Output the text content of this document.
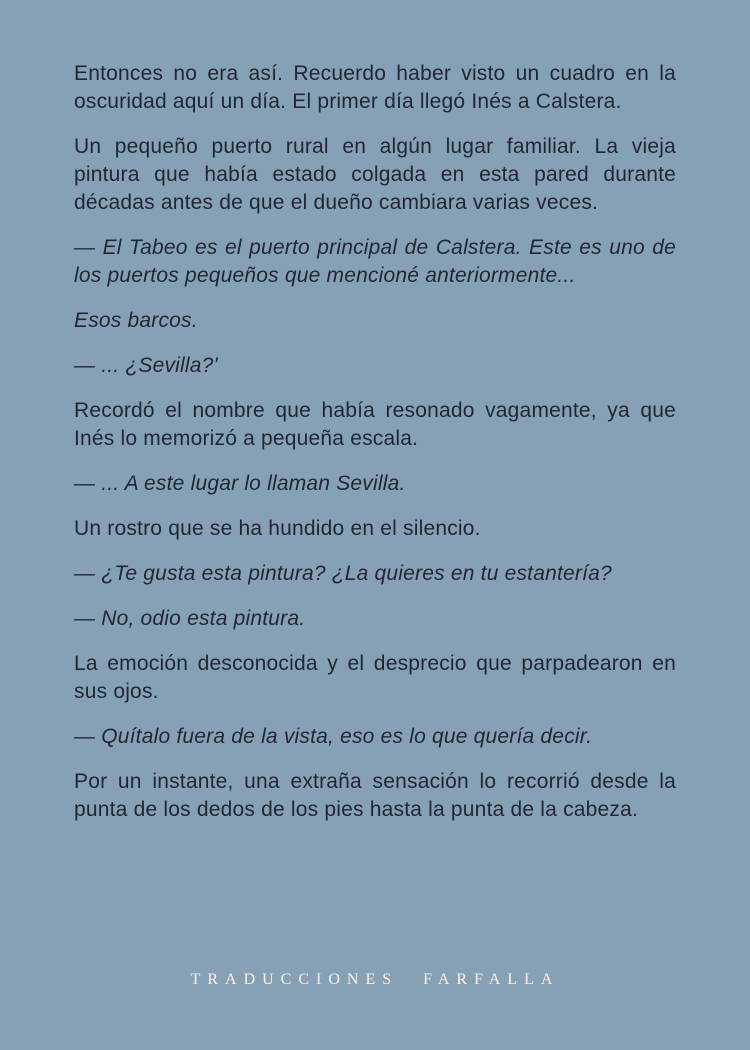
Entonces no era así. Recuerdo haber visto un cuadro en la oscuridad aquí un día. El primer día llegó Inés a Calstera.

Un pequeño puerto rural en algún lugar familiar. La vieja pintura que había estado colgada en esta pared durante décadas antes de que el dueño cambiara varias veces.

— El Tabeo es el puerto principal de Calstera. Este es uno de los puertos pequeños que mencioné anteriormente...

Esos barcos.

— ... ¿Sevilla?'

Recordó el nombre que había resonado vagamente, ya que Inés lo memorizó a pequeña escala.

— ... A este lugar lo llaman Sevilla.

Un rostro que se ha hundido en el silencio.

— ¿Te gusta esta pintura? ¿La quieres en tu estantería?

— No, odio esta pintura.

La emoción desconocida y el desprecio que parpadearon en sus ojos.

— Quítalo fuera de la vista, eso es lo que quería decir.

Por un instante, una extraña sensación lo recorrió desde la punta de los dedos de los pies hasta la punta de la cabeza.

TRADUCCIONES FARFALLA
